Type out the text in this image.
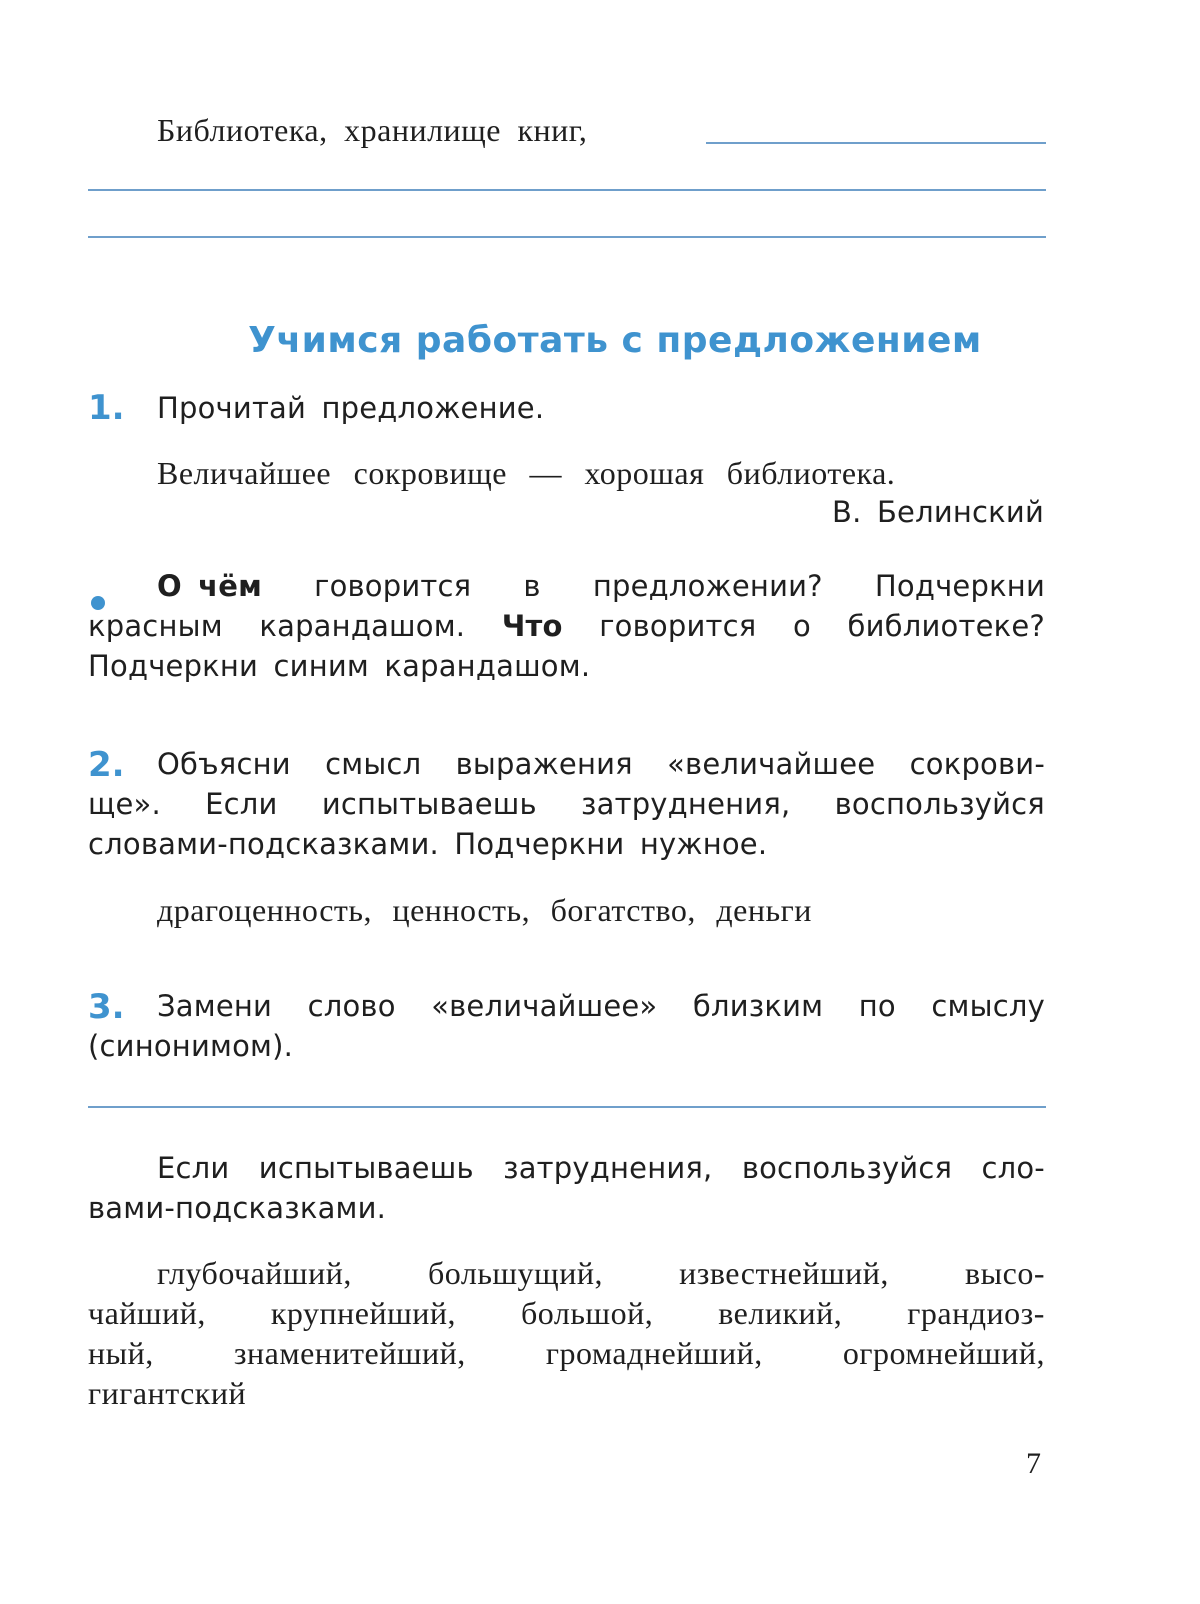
Библиотека, хранилище книг,
Учимся работать с предложением
1. Прочитай предложение.
Величайшее сокровище — хорошая библиотека.
В. Белинский
О чём говорится в предложении? Подчеркни
красным карандашом. Что говорится о библиотеке?
Подчеркни синим карандашом.
2. Объясни смысл выражения «величайшее сокрови-
ще». Если испытываешь затруднения, воспользуйся
словами-подсказками. Подчеркни нужное.
драгоценность, ценность, богатство, деньги
3. Замени слово «величайшее» близким по смыслу
(синонимом).
Если испытываешь затруднения, воспользуйся сло-
вами-подсказками.
глубочайший, большущий, известнейший, высо-
чайший, крупнейший, большой, великий, грандиоз-
ный,	знаменитейший,	громаднейший,	огромнейший,
гигантский
7
